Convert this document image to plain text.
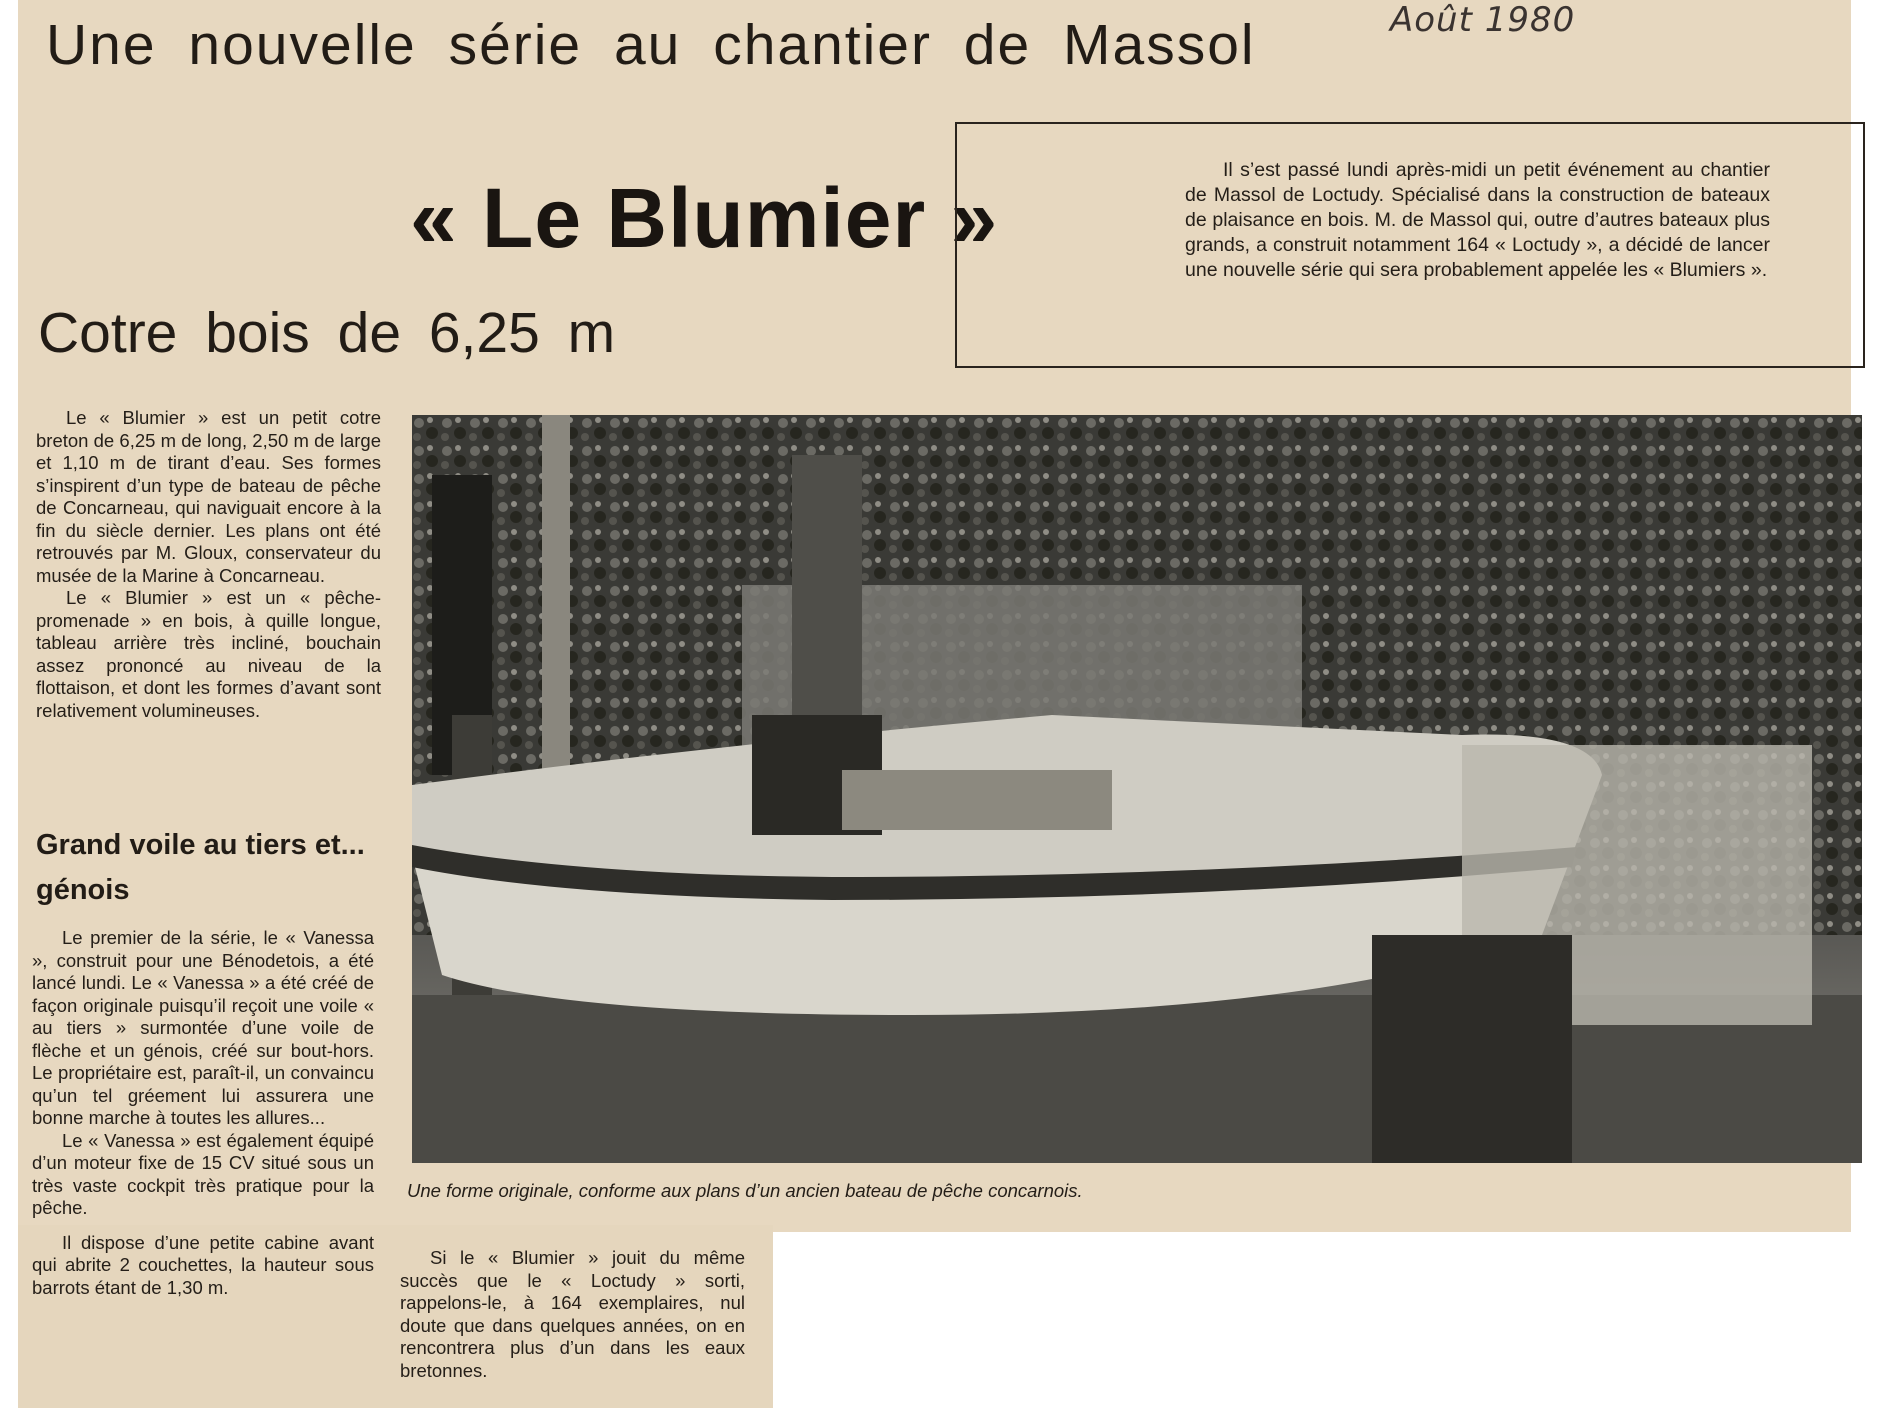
Août 1980
Une nouvelle série au chantier de Massol
« Le Blumier »
Cotre bois de 6,25 m

Il s’est passé lundi après-midi un petit événement au chantier de Massol de Loctudy. Spécialisé dans la construction de bateaux de plaisance en bois. M. de Massol qui, outre d’autres bateaux plus grands, a construit notamment 164 « Loctudy », a décidé de lancer une nouvelle série qui sera probablement appelée les « Blumiers ».

Le « Blumier » est un petit cotre breton de 6,25 m de long, 2,50 m de large et 1,10 m de tirant d’eau. Ses formes s’inspirent d’un type de bateau de pêche de Concarneau, qui naviguait encore à la fin du siècle dernier. Les plans ont été retrouvés par M. Gloux, conservateur du musée de la Marine à Concarneau.

Le « Blumier » est un « pêche-promenade » en bois, à quille longue, tableau arrière très incliné, bouchain assez prononcé au niveau de la flottaison, et dont les formes d’avant sont relativement volumineuses.

Grand voile au tiers et... génois

Le premier de la série, le « Vanessa », construit pour une Bénodetois, a été lancé lundi. Le « Vanessa » a été créé de façon originale puisqu’il reçoit une voile « au tiers » surmontée d’une voile de flèche et un génois, créé sur bout-hors. Le propriétaire est, paraît-il, un convaincu qu’un tel gréement lui assurera une bonne marche à toutes les allures...

Le « Vanessa » est également équipé d’un moteur fixe de 15 CV situé sous un très vaste cockpit très pratique pour la pêche.

Il dispose d’une petite cabine avant qui abrite 2 couchettes, la hauteur sous barrots étant de 1,30 m.

Une forme originale, conforme aux plans d’un ancien bateau de pêche concarnois.

Si le « Blumier » jouit du même succès que le « Loctudy » sorti, rappelons-le, à 164 exemplaires, nul doute que dans quelques années, on en rencontrera plus d’un dans les eaux bretonnes.
